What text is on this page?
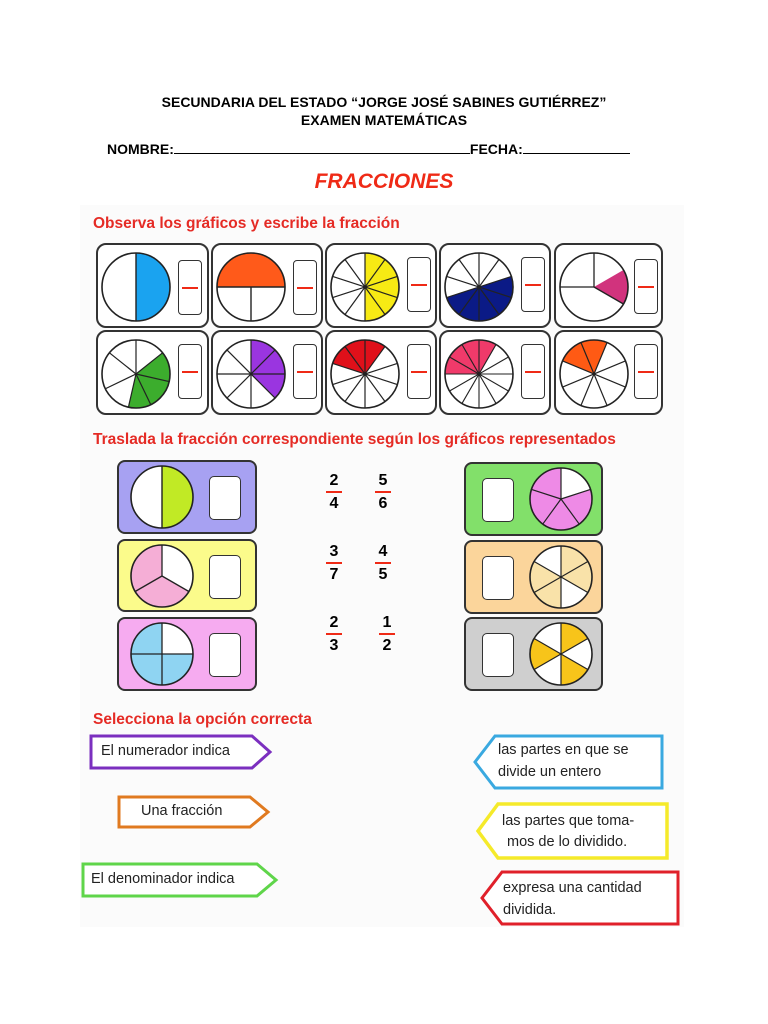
SECUNDARIA DEL ESTADO “JORGE JOSÉ SABINES GUTIÉRREZ”
EXAMEN MATEMÁTICAS
NOMBRE:	FECHA:
FRACCIONES
Observa los gráficos y escribe la fracción
Traslada la fracción correspondiente según los gráficos representados
2
4
5
6
3
7
4
5
2
3
1
2
Selecciona la opción correcta
El numerador indica
Una fracción
El denominador indica
las partes en que se
divide un entero
las partes que toma-
mos de lo dividido.
expresa una cantidad
dividida.
